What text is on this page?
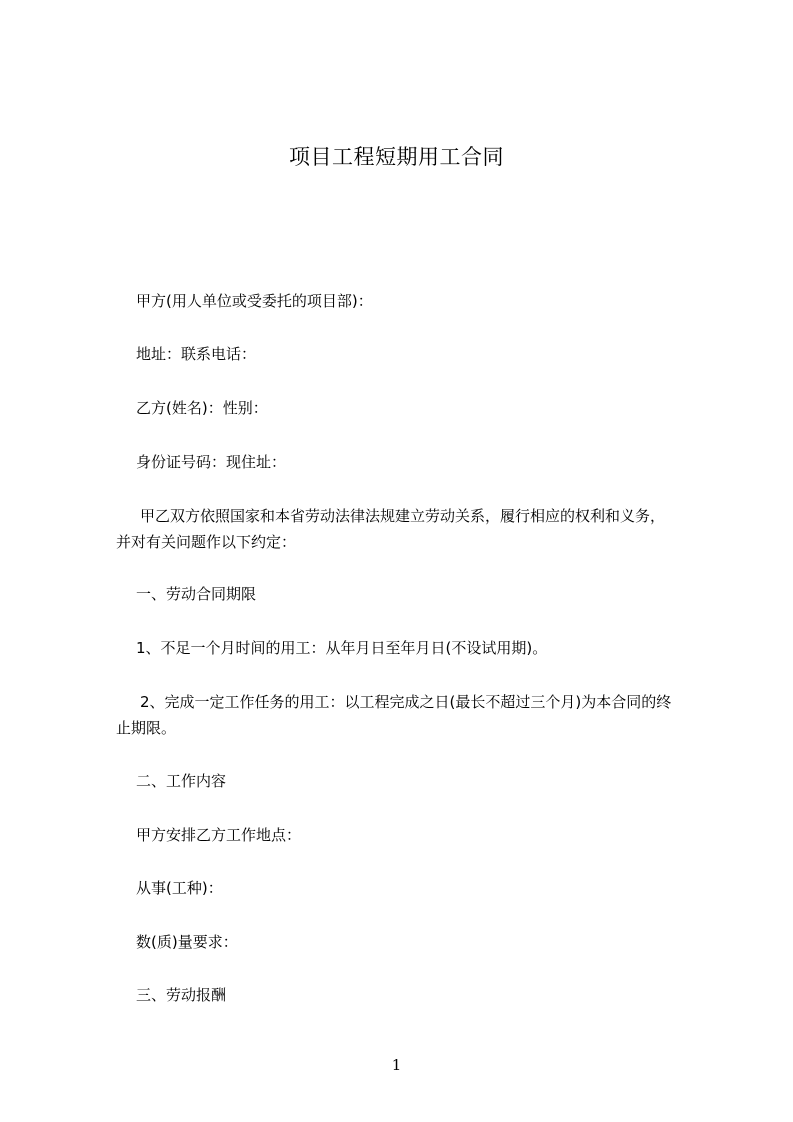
项目工程短期用工合同
甲方(用人单位或受委托的项目部)：
地址：联系电话：
乙方(姓名)：性别：
身份证号码：现住址：
甲乙双方依照国家和本省劳动法律法规建立劳动关系，履行相应的权利和义务，
并对有关问题作以下约定：
一、劳动合同期限
1、不足一个月时间的用工：从年月日至年月日(不设试用期)。
2、完成一定工作任务的用工：以工程完成之日(最长不超过三个月)为本合同的终
止期限。
二、工作内容
甲方安排乙方工作地点：
从事(工种)：
数(质)量要求：
三、劳动报酬
1
